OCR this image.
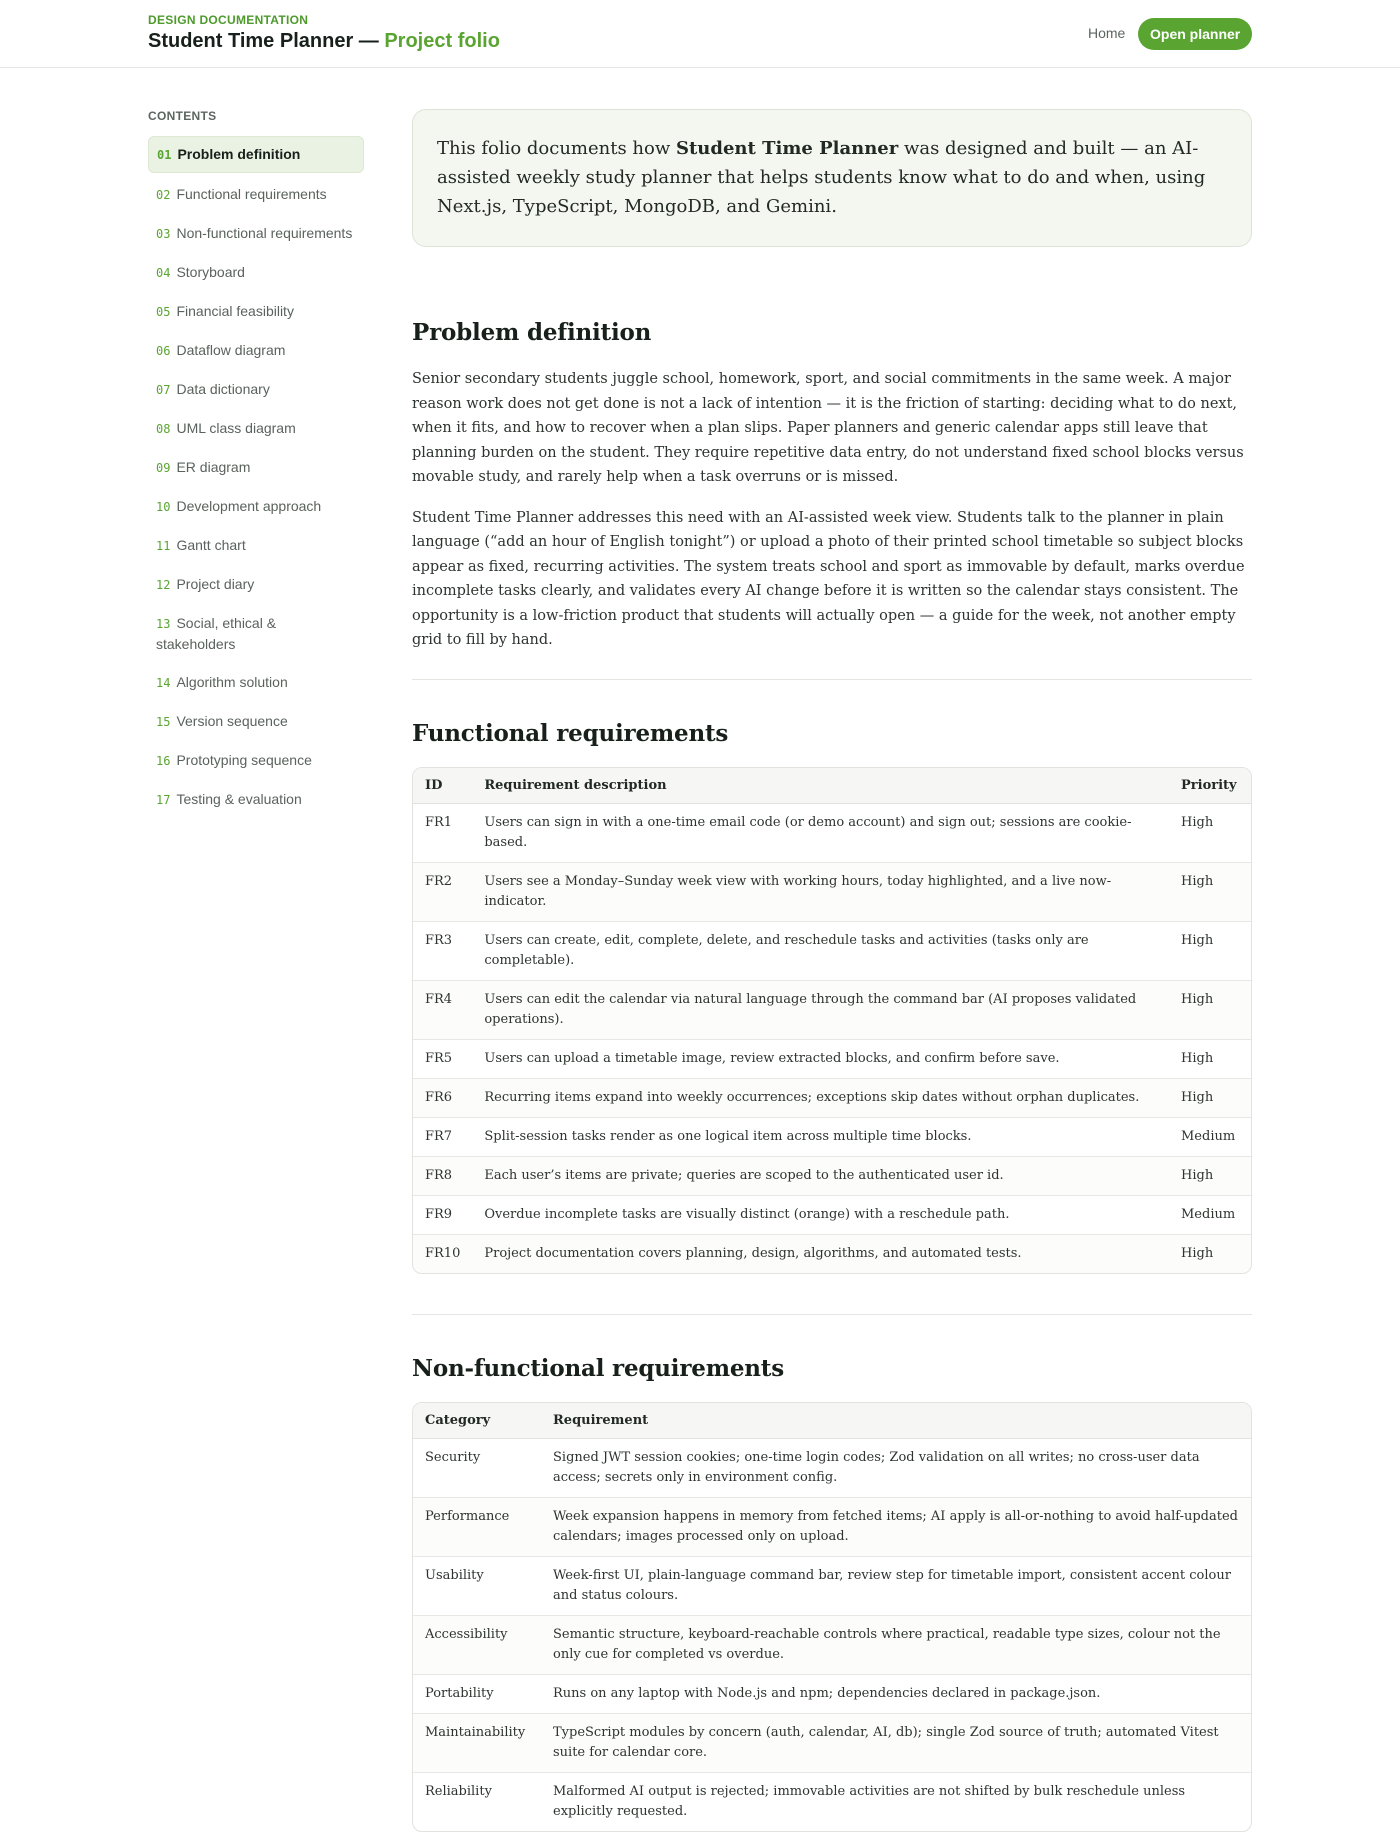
DESIGN DOCUMENTATION
Student Time Planner — Project folio	Home	Open planner
CONTENTS
01 Problem definition
02 Functional requirements
03 Non-functional requirements
04 Storyboard
05 Financial feasibility
06 Dataflow diagram
07 Data dictionary
08 UML class diagram
09 ER diagram
10 Development approach
11 Gantt chart
12 Project diary
13 Social, ethical & stakeholders
14 Algorithm solution
15 Version sequence
16 Prototyping sequence
17 Testing & evaluation
This folio documents how Student Time Planner was designed and built — an AI-assisted weekly study planner that helps students know what to do and when, using Next.js, TypeScript, MongoDB, and Gemini.
Problem definition

Senior secondary students juggle school, homework, sport, and social commitments in the same week. A major reason work does not get done is not a lack of intention — it is the friction of starting: deciding what to do next, when it fits, and how to recover when a plan slips. Paper planners and generic calendar apps still leave that planning burden on the student. They require repetitive data entry, do not understand fixed school blocks versus movable study, and rarely help when a task overruns or is missed.

Student Time Planner addresses this need with an AI-assisted week view. Students talk to the planner in plain language (“add an hour of English tonight”) or upload a photo of their printed school timetable so subject blocks appear as fixed, recurring activities. The system treats school and sport as immovable by default, marks overdue incomplete tasks clearly, and validates every AI change before it is written so the calendar stays consistent. The opportunity is a low-friction product that students will actually open — a guide for the week, not another empty grid to fill by hand.

Functional requirements
ID	Requirement description	Priority
FR1	Users can sign in with a one-time email code (or demo account) and sign out; sessions are cookie-based.	High
FR2	Users see a Monday–Sunday week view with working hours, today highlighted, and a live now-indicator.	High
FR3	Users can create, edit, complete, delete, and reschedule tasks and activities (tasks only are completable).	High
FR4	Users can edit the calendar via natural language through the command bar (AI proposes validated operations).	High
FR5	Users can upload a timetable image, review extracted blocks, and confirm before save.	High
FR6	Recurring items expand into weekly occurrences; exceptions skip dates without orphan duplicates.	High
FR7	Split-session tasks render as one logical item across multiple time blocks.	Medium
FR8	Each user’s items are private; queries are scoped to the authenticated user id.	High
FR9	Overdue incomplete tasks are visually distinct (orange) with a reschedule path.	Medium
FR10	Project documentation covers planning, design, algorithms, and automated tests.	High
Non-functional requirements
Category	Requirement
Security	Signed JWT session cookies; one-time login codes; Zod validation on all writes; no cross-user data access; secrets only in environment config.
Performance	Week expansion happens in memory from fetched items; AI apply is all-or-nothing to avoid half-updated calendars; images processed only on upload.
Usability	Week-first UI, plain-language command bar, review step for timetable import, consistent accent colour and status colours.
Accessibility	Semantic structure, keyboard-reachable controls where practical, readable type sizes, colour not the only cue for completed vs overdue.
Portability	Runs on any laptop with Node.js and npm; dependencies declared in package.json.
Maintainability	TypeScript modules by concern (auth, calendar, AI, db); single Zod source of truth; automated Vitest suite for calendar core.
Reliability	Malformed AI output is rejected; immovable activities are not shifted by bulk reschedule unless explicitly requested.
